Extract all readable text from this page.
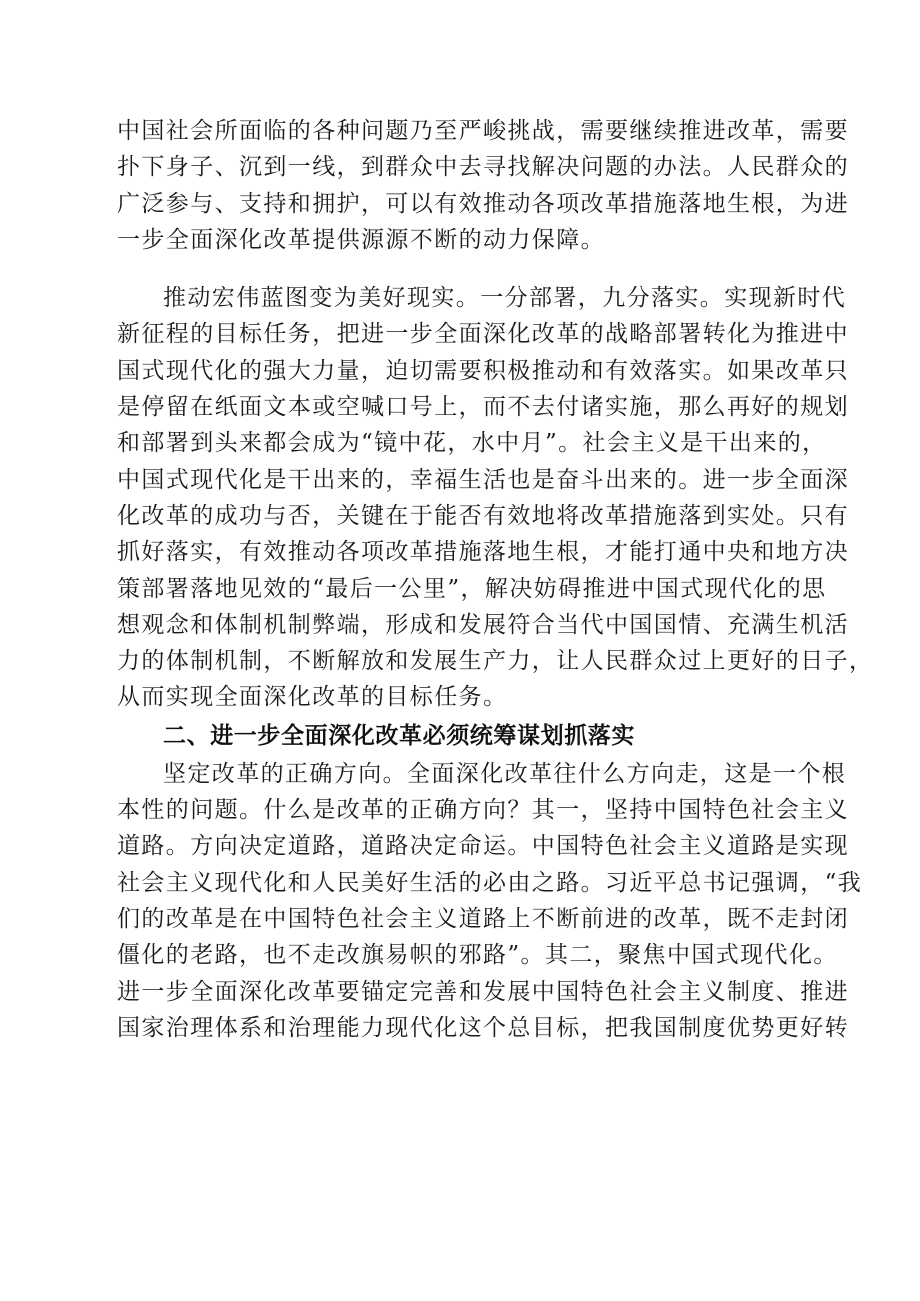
中国社会所面临的各种问题乃至严峻挑战，需要继续推进改革，需要
扑下身子、沉到一线，到群众中去寻找解决问题的办法。人民群众的
广泛参与、支持和拥护，可以有效推动各项改革措施落地生根，为进
一步全面深化改革提供源源不断的动力保障。
推动宏伟蓝图变为美好现实。一分部署，九分落实。实现新时代
新征程的目标任务，把进一步全面深化改革的战略部署转化为推进中
国式现代化的强大力量，迫切需要积极推动和有效落实。如果改革只
是停留在纸面文本或空喊口号上，而不去付诸实施，那么再好的规划
和部署到头来都会成为“镜中花，水中月”。社会主义是干出来的，
中国式现代化是干出来的，幸福生活也是奋斗出来的。进一步全面深
化改革的成功与否，关键在于能否有效地将改革措施落到实处。只有
抓好落实，有效推动各项改革措施落地生根，才能打通中央和地方决
策部署落地见效的“最后一公里”，解决妨碍推进中国式现代化的思
想观念和体制机制弊端，形成和发展符合当代中国国情、充满生机活
力的体制机制，不断解放和发展生产力，让人民群众过上更好的日子，
从而实现全面深化改革的目标任务。
二、进一步全面深化改革必须统筹谋划抓落实
坚定改革的正确方向。全面深化改革往什么方向走，这是一个根
本性的问题。什么是改革的正确方向？其一，坚持中国特色社会主义
道路。方向决定道路，道路决定命运。中国特色社会主义道路是实现
社会主义现代化和人民美好生活的必由之路。习近平总书记强调，“我
们的改革是在中国特色社会主义道路上不断前进的改革，既不走封闭
僵化的老路，也不走改旗易帜的邪路”。其二，聚焦中国式现代化。
进一步全面深化改革要锚定完善和发展中国特色社会主义制度、推进
国家治理体系和治理能力现代化这个总目标，把我国制度优势更好转
